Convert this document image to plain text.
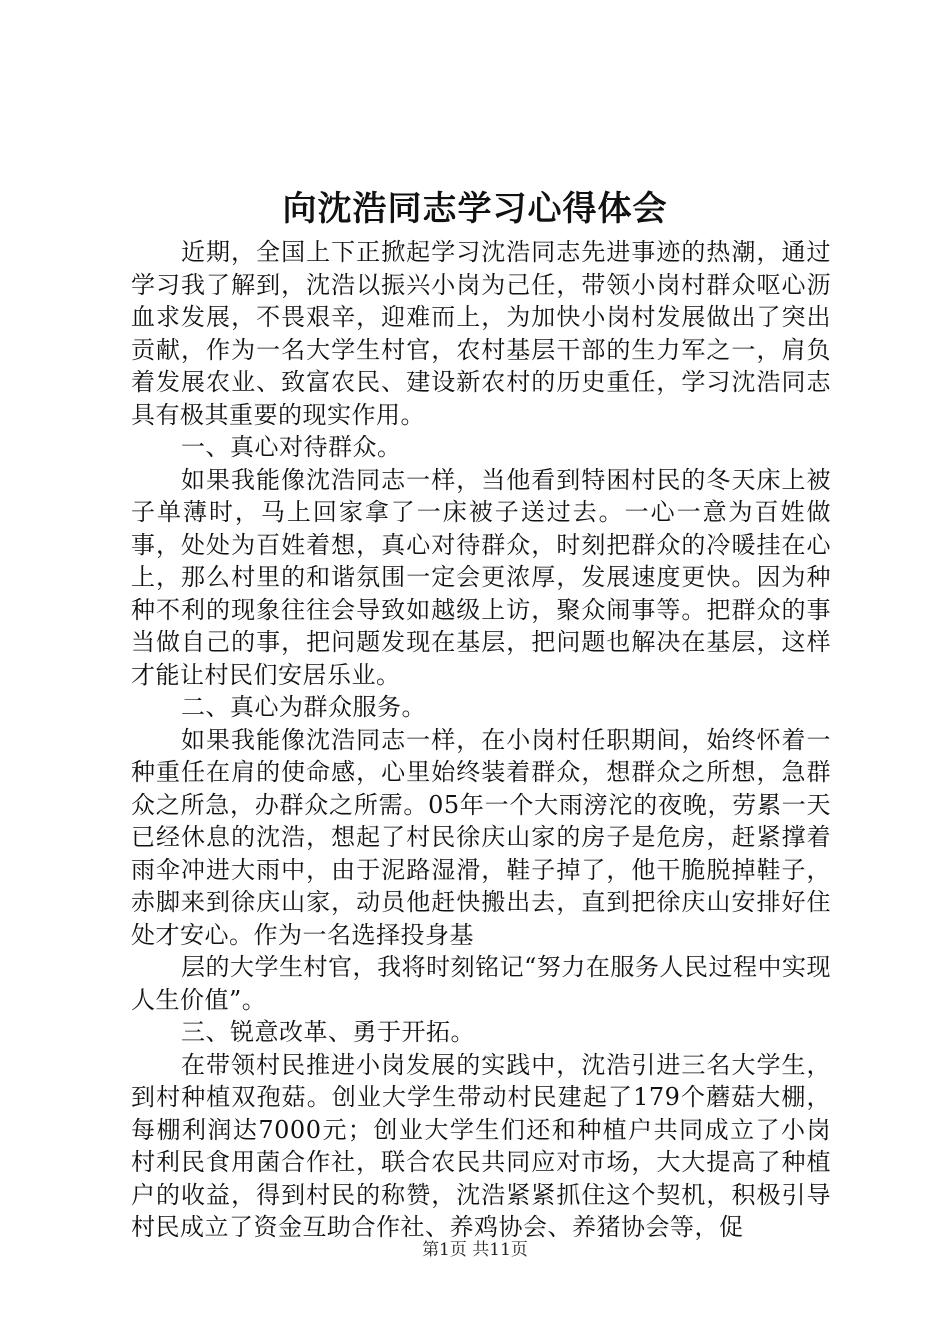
向沈浩同志学习心得体会

近期，全国上下正掀起学习沈浩同志先进事迹的热潮，通过学习我了解到，沈浩以振兴小岗为己任，带领小岗村群众呕心沥血求发展，不畏艰辛，迎难而上，为加快小岗村发展做出了突出贡献，作为一名大学生村官，农村基层干部的生力军之一，肩负着发展农业、致富农民、建设新农村的历史重任，学习沈浩同志具有极其重要的现实作用。

一、真心对待群众。

如果我能像沈浩同志一样，当他看到特困村民的冬天床上被子单薄时，马上回家拿了一床被子送过去。一心一意为百姓做事，处处为百姓着想，真心对待群众，时刻把群众的冷暖挂在心上，那么村里的和谐氛围一定会更浓厚，发展速度更快。因为种种不利的现象往往会导致如越级上访，聚众闹事等。把群众的事当做自己的事，把问题发现在基层，把问题也解决在基层，这样才能让村民们安居乐业。

二、真心为群众服务。

如果我能像沈浩同志一样，在小岗村任职期间，始终怀着一种重任在肩的使命感，心里始终装着群众，想群众之所想，急群众之所急，办群众之所需。05年一个大雨滂沱的夜晚，劳累一天已经休息的沈浩，想起了村民徐庆山家的房子是危房，赶紧撑着雨伞冲进大雨中，由于泥路湿滑，鞋子掉了，他干脆脱掉鞋子，赤脚来到徐庆山家，动员他赶快搬出去，直到把徐庆山安排好住处才安心。作为一名选择投身基

层的大学生村官，我将时刻铭记“努力在服务人民过程中实现人生价值”。

三、锐意改革、勇于开拓。

在带领村民推进小岗发展的实践中，沈浩引进三名大学生，到村种植双孢菇。创业大学生带动村民建起了179个蘑菇大棚，每棚利润达7000元；创业大学生们还和种植户共同成立了小岗村利民食用菌合作社，联合农民共同应对市场，大大提高了种植户的收益，得到村民的称赞，沈浩紧紧抓住这个契机，积极引导村民成立了资金互助合作社、养鸡协会、养猪协会等，促

第1页 共11页
